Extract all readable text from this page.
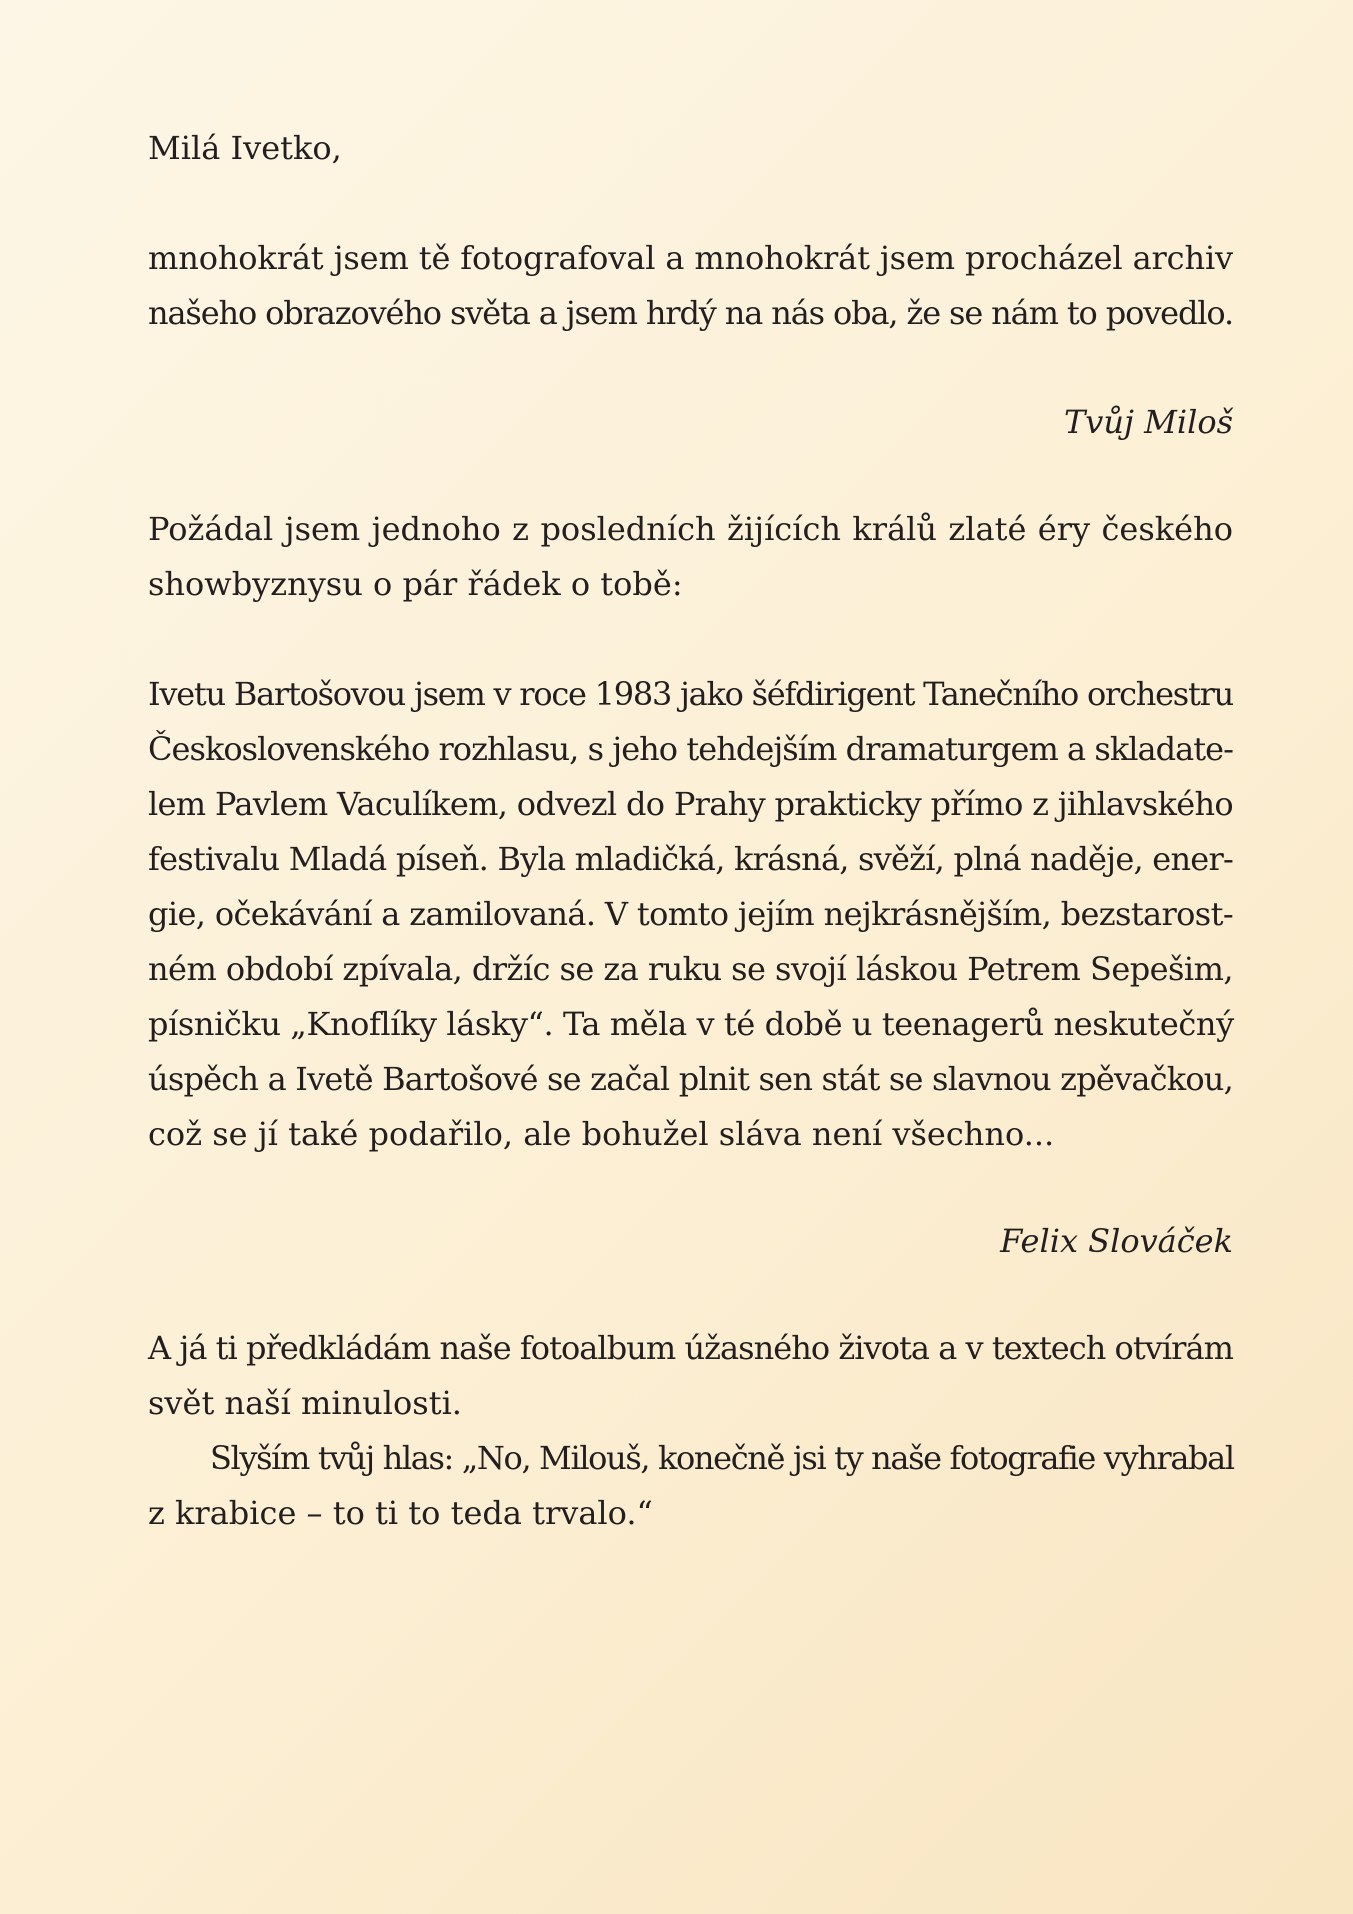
Milá Ivetko,

mnohokrát jsem tě fotografoval a mnohokrát jsem procházel archiv
našeho obrazového světa a jsem hrdý na nás oba, že se nám to povedlo.

Tvůj Miloš

Požádal jsem jednoho z posledních žijících králů zlaté éry českého
showbyznysu o pár řádek o tobě:
Ivetu Bartošovou jsem v roce 1983 jako šéfdirigent Tanečního orchestru
Československého rozhlasu, s jeho tehdejším dramaturgem a skladate-
lem Pavlem Vaculíkem, odvezl do Prahy prakticky přímo z jihlavského
festivalu Mladá píseň. Byla mladičká, krásná, svěží, plná naděje, ener-
gie, očekávání a zamilovaná. V tomto jejím nejkrásnějším, bezstarost-
ném období zpívala, držíc se za ruku se svojí láskou Petrem Sepešim,
písničku „Knoflíky lásky“. Ta měla v té době u teenagerů neskutečný
úspěch a Ivetě Bartošové se začal plnit sen stát se slavnou zpěvačkou,
což se jí také podařilo, ale bohužel sláva není všechno...

Felix Slováček

A já ti předkládám naše fotoalbum úžasného života a v textech otvírám
svět naší minulosti.
Slyším tvůj hlas: „No, Milouš, konečně jsi ty naše fotografie vyhrabal
z krabice – to ti to teda trvalo.“
